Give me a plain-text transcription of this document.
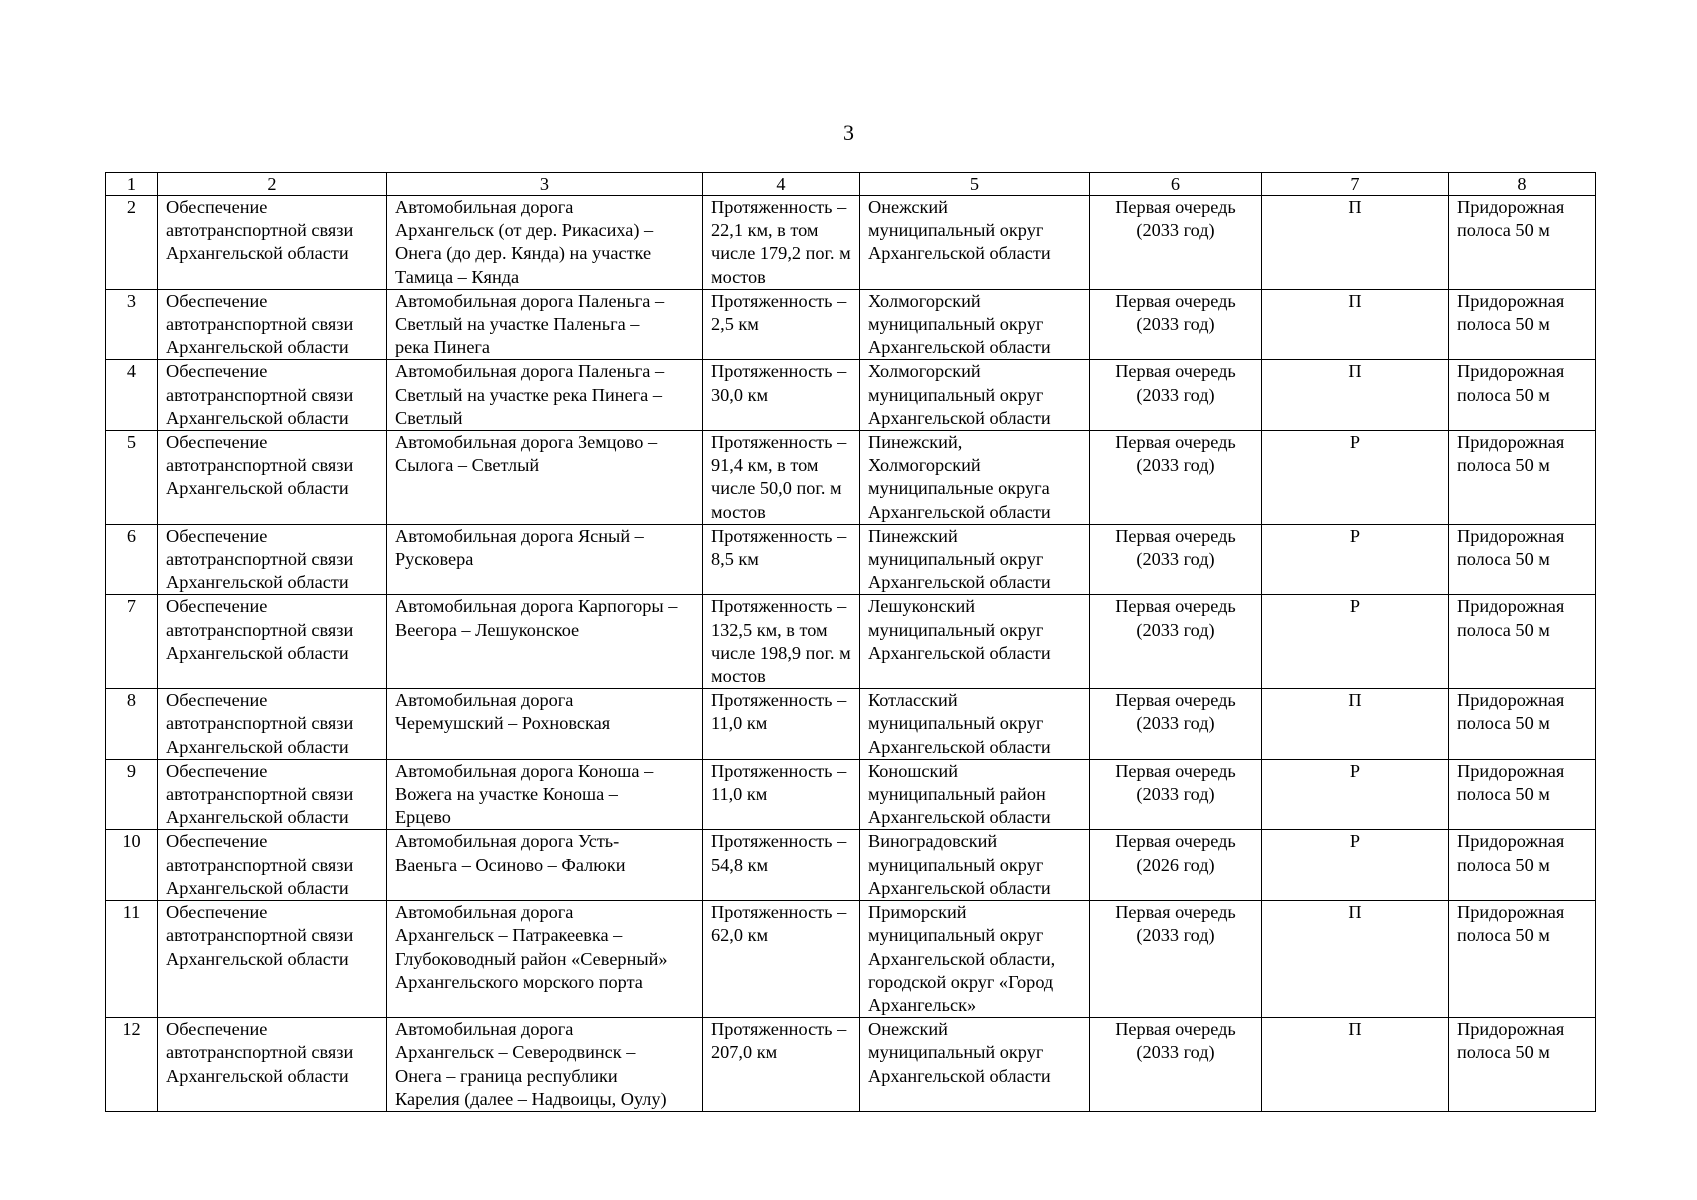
3
1	2	3	4	5	6	7	8
2	Обеспечение
автотранспортной связи
Архангельской области	Автомобильная дорога
Архангельск (от дер. Рикасиха) –
Онега (до дер. Кянда) на участке
Тамица – Кянда	Протяженность –
22,1 км, в том
числе 179,2 пог. м
мостов	Онежский
муниципальный округ
Архангельской области	Первая очередь
(2033 год)	П	Придорожная
полоса 50 м
3	Обеспечение
автотранспортной связи
Архангельской области	Автомобильная дорога Паленьга –
Светлый на участке Паленьга –
река Пинега	Протяженность –
2,5 км	Холмогорский
муниципальный округ
Архангельской области	Первая очередь
(2033 год)	П	Придорожная
полоса 50 м
4	Обеспечение
автотранспортной связи
Архангельской области	Автомобильная дорога Паленьга –
Светлый на участке река Пинега –
Светлый	Протяженность –
30,0 км	Холмогорский
муниципальный округ
Архангельской области	Первая очередь
(2033 год)	П	Придорожная
полоса 50 м
5	Обеспечение
автотранспортной связи
Архангельской области	Автомобильная дорога Земцово –
Сылога – Светлый	Протяженность –
91,4 км, в том
числе 50,0 пог. м
мостов	Пинежский,
Холмогорский
муниципальные округа
Архангельской области	Первая очередь
(2033 год)	Р	Придорожная
полоса 50 м
6	Обеспечение
автотранспортной связи
Архангельской области	Автомобильная дорога Ясный –
Русковера	Протяженность –
8,5 км	Пинежский
муниципальный округ
Архангельской области	Первая очередь
(2033 год)	Р	Придорожная
полоса 50 м
7	Обеспечение
автотранспортной связи
Архангельской области	Автомобильная дорога Карпогоры –
Веегора – Лешуконское	Протяженность –
132,5 км, в том
числе 198,9 пог. м
мостов	Лешуконский
муниципальный округ
Архангельской области	Первая очередь
(2033 год)	Р	Придорожная
полоса 50 м
8	Обеспечение
автотранспортной связи
Архангельской области	Автомобильная дорога
Черемушский – Рохновская	Протяженность –
11,0 км	Котласский
муниципальный округ
Архангельской области	Первая очередь
(2033 год)	П	Придорожная
полоса 50 м
9	Обеспечение
автотранспортной связи
Архангельской области	Автомобильная дорога Коноша –
Вожега на участке Коноша –
Ерцево	Протяженность –
11,0 км	Коношский
муниципальный район
Архангельской области	Первая очередь
(2033 год)	Р	Придорожная
полоса 50 м
10	Обеспечение
автотранспортной связи
Архангельской области	Автомобильная дорога Усть-
Ваеньга – Осиново – Фалюки	Протяженность –
54,8 км	Виноградовский
муниципальный округ
Архангельской области	Первая очередь
(2026 год)	Р	Придорожная
полоса 50 м
11	Обеспечение
автотранспортной связи
Архангельской области	Автомобильная дорога
Архангельск – Патракеевка –
Глубоководный район «Северный»
Архангельского морского порта	Протяженность –
62,0 км	Приморский
муниципальный округ
Архангельской области,
городской округ «Город
Архангельск»	Первая очередь
(2033 год)	П	Придорожная
полоса 50 м
12	Обеспечение
автотранспортной связи
Архангельской области	Автомобильная дорога
Архангельск – Северодвинск –
Онега – граница республики
Карелия (далее – Надвоицы, Оулу)	Протяженность –
207,0 км	Онежский
муниципальный округ
Архангельской области	Первая очередь
(2033 год)	П	Придорожная
полоса 50 м
